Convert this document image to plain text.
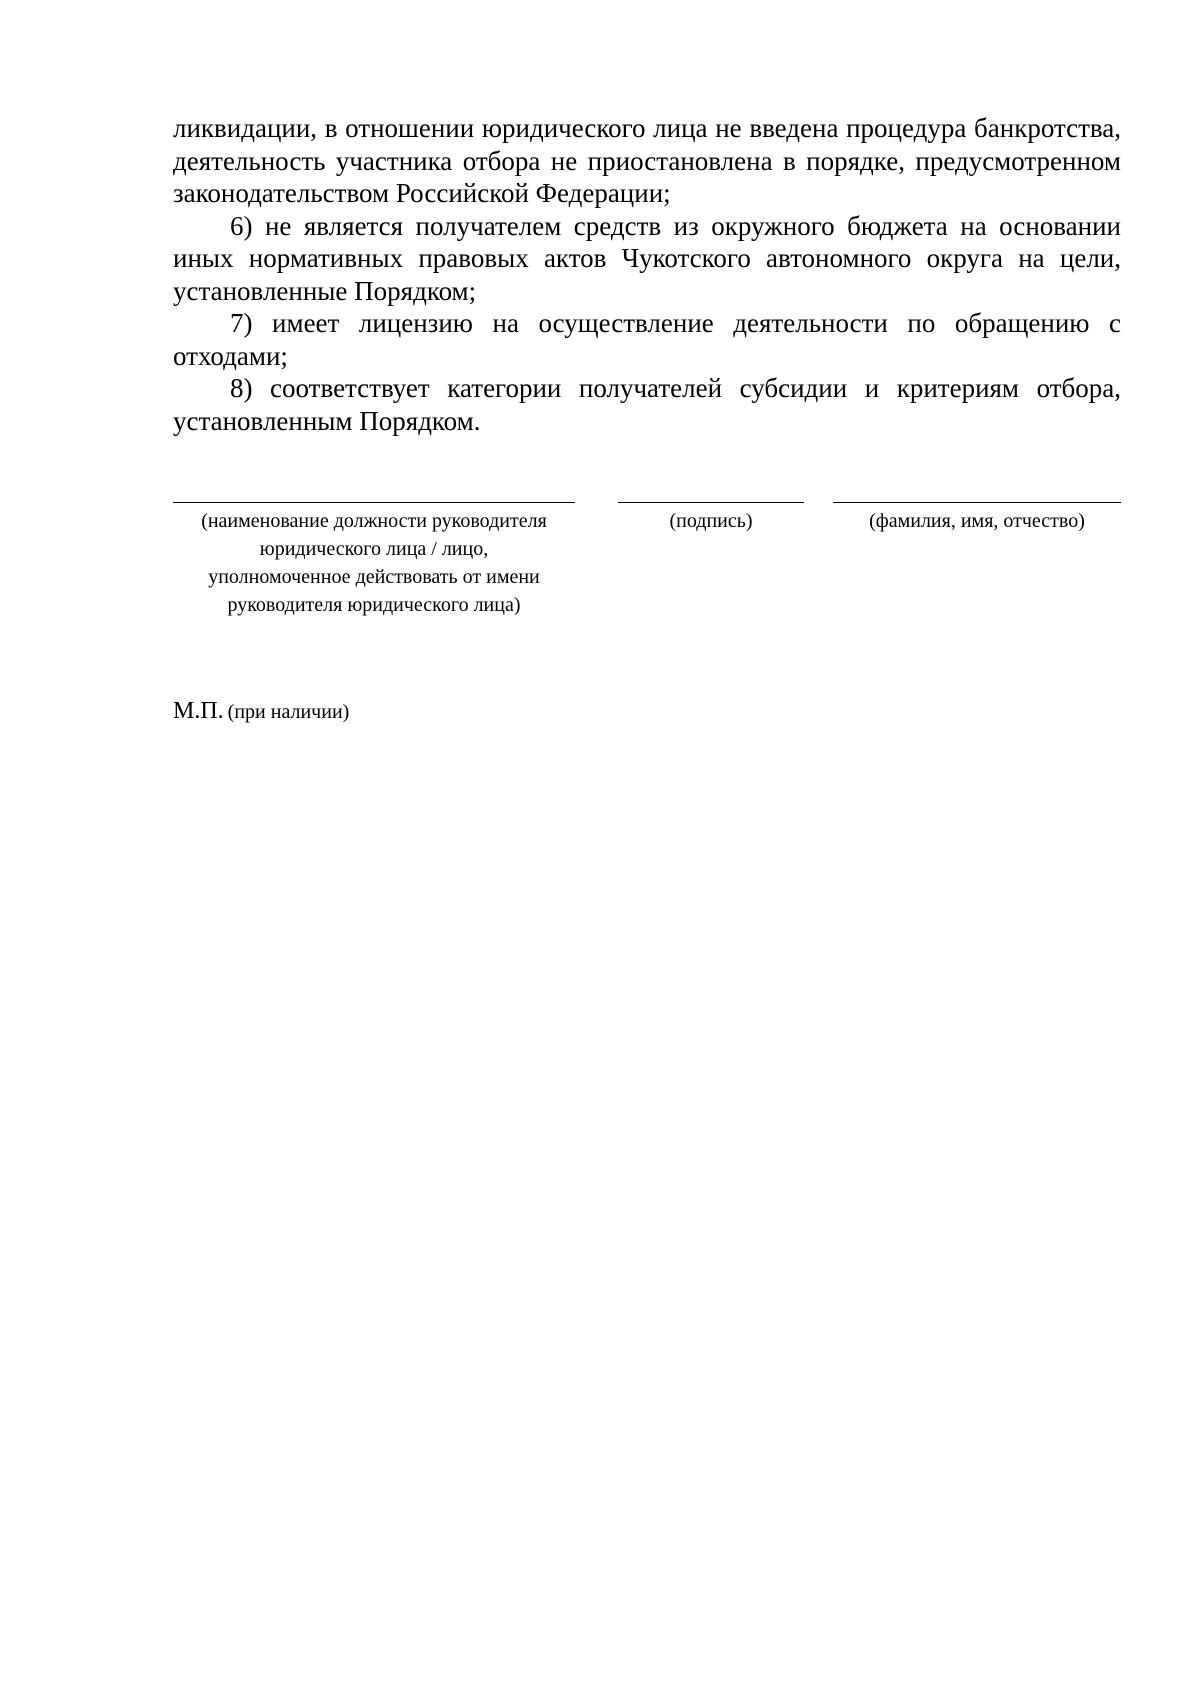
ликвидации, в отношении юридического лица не введена процедура банкротства, деятельность участника отбора не приостановлена в порядке, предусмотренном законодательством Российской Федерации;

6) не является получателем средств из окружного бюджета на основании иных нормативных правовых актов Чукотского автономного округа на цели, установленные Порядком;

7) имеет лицензию на осуществление деятельности по обращению с отходами;

8) соответствует категории получателей субсидии и критериям отбора, установленным Порядком.

(наименование должности руководителя юридического лица / лицо, уполномоченное действовать от имени руководителя юридического лица)
(подпись)	(фамилия, имя, отчество)
М.П. (при наличии)
